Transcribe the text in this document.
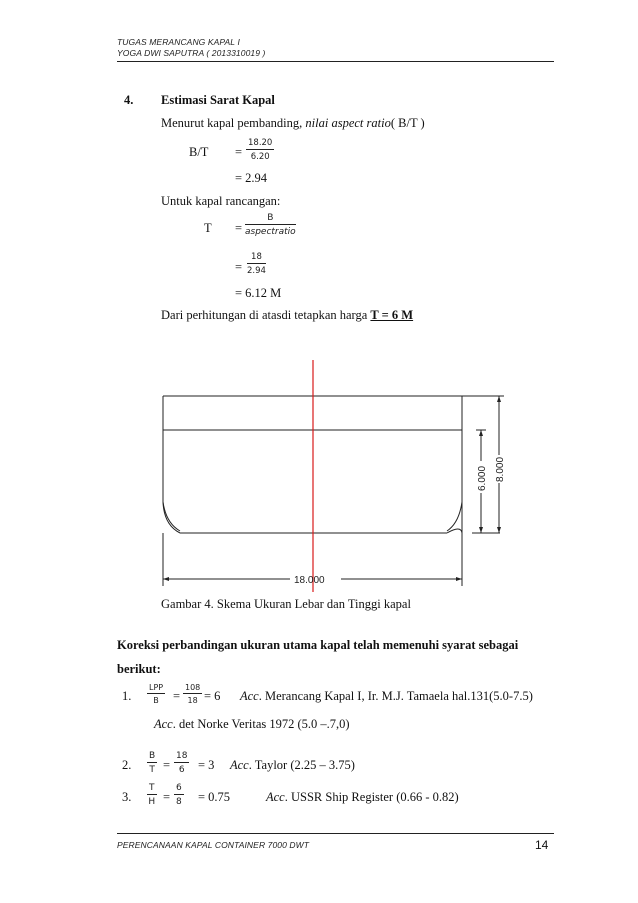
TUGAS MERANCANG KAPAL I
YOGA DWI SAPUTRA ( 2013310019 )
4. Estimasi Sarat Kapal
Menurut kapal pembanding, nilai aspect ratio( B/T )
$B/T = \frac{18.20}{6.20}$
= 2.94
Untuk kapal rancangan:
T =
B
aspectratio
= $\frac{18}{2.94}$
= 6.12 M
Dari perhitungan di atasdi tetapkan harga T = 6 M
18.000
6.000 8.000
Gambar 4. Skema Ukuran Lebar dan Tinggi kapal
Koreksi perbandingan ukuran utama kapal telah memenuhi syarat sebagai
berikut:
1.
LPP
B	= $\frac{108}{18} = 6$ Acc. Merancang Kapal I, Ir. M.J. Tamaela hal.131(5.0-7.5)
Acc. det Norke Veritas 1972 (5.0 –.7,0)
2. $\frac{B}{T} = \frac{18}{6} = 3$ Acc. Taylor (2.25 – 3.75)
3. $\frac{T}{H} = \frac{6}{8} = 0.75$	Acc. USSR Ship Register (0.66 - 0.82)
PERENCANAAN KAPAL CONTAINER 7000 DWT	14
